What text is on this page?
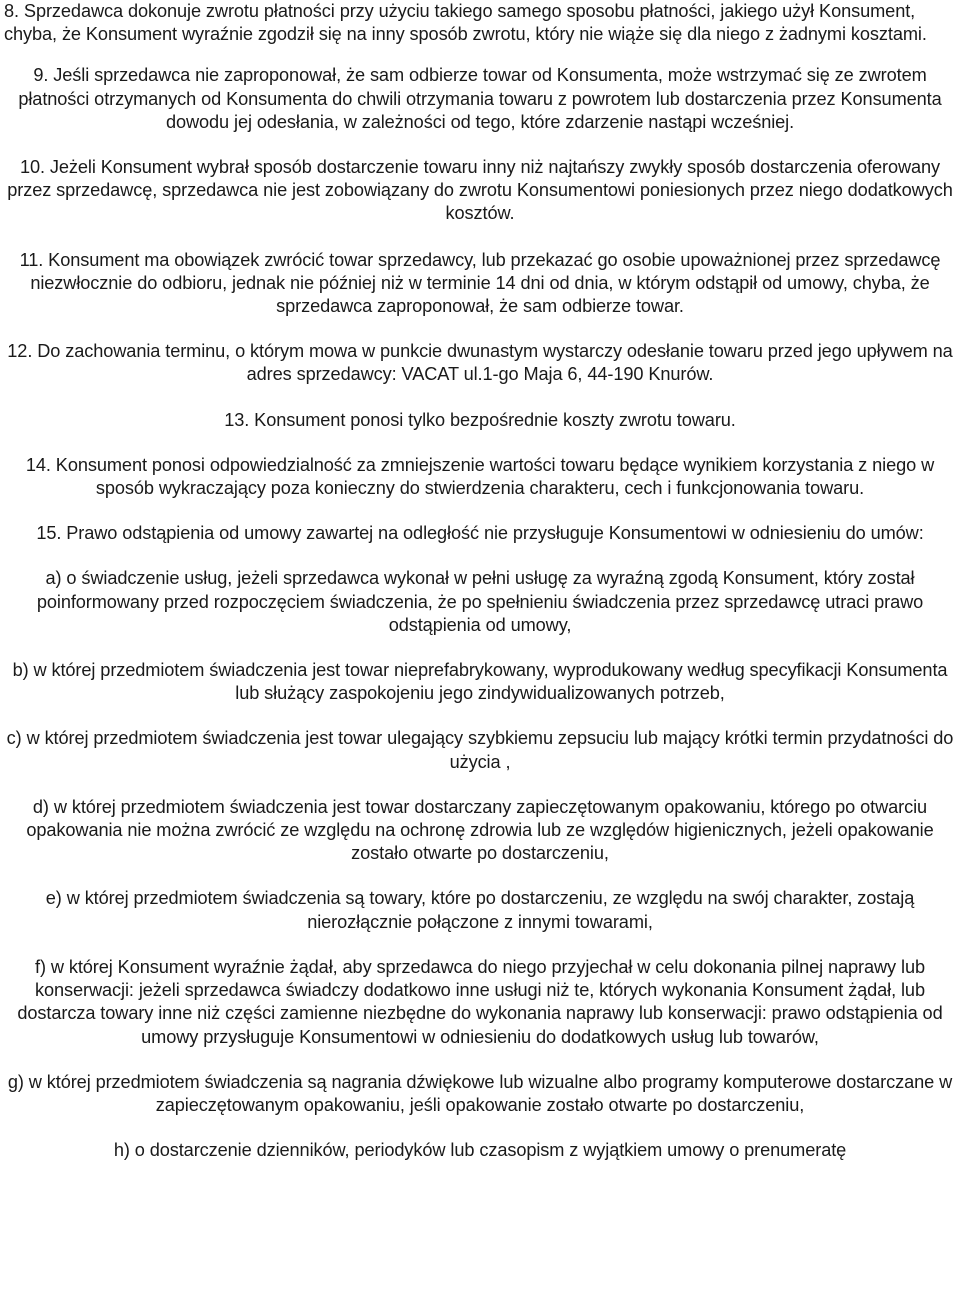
8. Sprzedawca dokonuje zwrotu płatności przy użyciu takiego samego sposobu płatności, jakiego użył Konsument, chyba, że Konsument wyraźnie zgodził się na inny sposób zwrotu, który nie wiąże się dla niego z żadnymi kosztami.

9. Jeśli sprzedawca nie zaproponował, że sam odbierze towar od Konsumenta, może wstrzymać się ze zwrotem płatności otrzymanych od Konsumenta do chwili otrzymania towaru z powrotem lub dostarczenia przez Konsumenta dowodu jej odesłania, w zależności od tego, które zdarzenie nastąpi wcześniej.

10. Jeżeli Konsument wybrał sposób dostarczenie towaru inny niż najtańszy zwykły sposób dostarczenia oferowany przez sprzedawcę, sprzedawca nie jest zobowiązany do zwrotu Konsumentowi poniesionych przez niego dodatkowych kosztów.

11. Konsument ma obowiązek zwrócić towar sprzedawcy, lub przekazać go osobie upoważnionej przez sprzedawcę niezwłocznie do odbioru, jednak nie później niż w terminie 14 dni od dnia, w którym odstąpił od umowy, chyba, że sprzedawca zaproponował, że sam odbierze towar.

12. Do zachowania terminu, o którym mowa w punkcie dwunastym wystarczy odesłanie towaru przed jego upływem na adres sprzedawcy: VACAT ul.1-go Maja 6, 44-190 Knurów.

13. Konsument ponosi tylko bezpośrednie koszty zwrotu towaru.

14. Konsument ponosi odpowiedzialność za zmniejszenie wartości towaru będące wynikiem korzystania z niego w sposób wykraczający poza konieczny do stwierdzenia charakteru, cech i funkcjonowania towaru.

15. Prawo odstąpienia od umowy zawartej na odległość nie przysługuje Konsumentowi w odniesieniu do umów:

a) o świadczenie usług, jeżeli sprzedawca wykonał w pełni usługę za wyraźną zgodą Konsument, który został poinformowany przed rozpoczęciem świadczenia, że po spełnieniu świadczenia przez sprzedawcę utraci prawo odstąpienia od umowy,

b) w której przedmiotem świadczenia jest towar nieprefabrykowany, wyprodukowany według specyfikacji Konsumenta lub służący zaspokojeniu jego zindywidualizowanych potrzeb,

c) w której przedmiotem świadczenia jest towar ulegający szybkiemu zepsuciu lub mający krótki termin przydatności do użycia ,

d) w której przedmiotem świadczenia jest towar dostarczany zapieczętowanym opakowaniu, którego po otwarciu opakowania nie można zwrócić ze względu na ochronę zdrowia lub ze względów higienicznych, jeżeli opakowanie zostało otwarte po dostarczeniu,

e) w której przedmiotem świadczenia są towary, które po dostarczeniu, ze względu na swój charakter, zostają nierozłącznie połączone z innymi towarami,

f) w której Konsument wyraźnie żądał, aby sprzedawca do niego przyjechał w celu dokonania pilnej naprawy lub konserwacji: jeżeli sprzedawca świadczy dodatkowo inne usługi niż te, których wykonania Konsument żądał, lub dostarcza towary inne niż części zamienne niezbędne do wykonania naprawy lub konserwacji: prawo odstąpienia od umowy przysługuje Konsumentowi w odniesieniu do dodatkowych usług lub towarów,

g) w której przedmiotem świadczenia są nagrania dźwiękowe lub wizualne albo programy komputerowe dostarczane w zapieczętowanym opakowaniu, jeśli opakowanie zostało otwarte po dostarczeniu,

h) o dostarczenie dzienników, periodyków lub czasopism z wyjątkiem umowy o prenumeratę
